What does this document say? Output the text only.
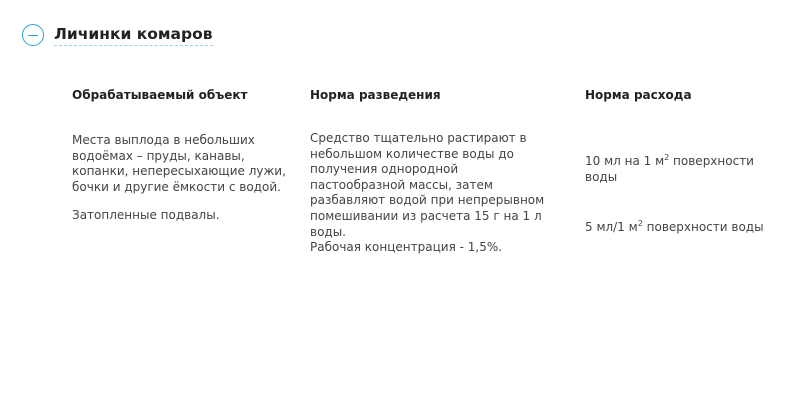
Личинки комаров
Обрабатываемый объект	Норма разведения	Норма расхода
Места выплода в небольших водоёмах – пруды, канавы, копанки, непересыхающие лужи, бочки и другие ёмкости с водой.
Затопленные подвалы.
Средство тщательно растирают в небольшом количестве воды до получения однородной пастообразной массы, затем разбавляют водой при непрерывном помешивании из расчета 15 г на 1 л воды.
Рабочая концентрация - 1,5%.
10 мл на 1 $м^2$ поверхности воды
5 мл/1 $м^2$ поверхности воды
